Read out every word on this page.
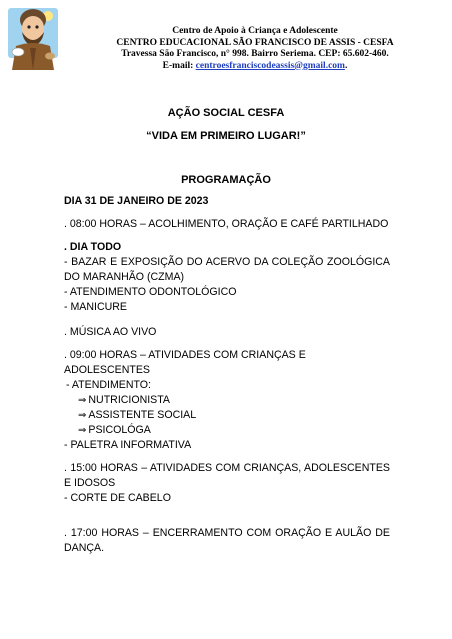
Centro de Apoio à Criança e Adolescente
CENTRO EDUCACIONAL SÃO FRANCISCO DE ASSIS - CESFA
Travessa São Francisco, n° 998. Bairro Seriema. CEP: 65.602-460.
E-mail: centroesfranciscodeassis@gmail.com.
AÇÃO SOCIAL CESFA
“VIDA EM PRIMEIRO LUGAR!”
PROGRAMAÇÃO
DIA 31 DE JANEIRO DE 2023
. 08:00 HORAS – ACOLHIMENTO, ORAÇÃO E CAFÉ PARTILHADO
. DIA TODO
- BAZAR E EXPOSIÇÃO DO ACERVO DA COLEÇÃO ZOOLÓGICA DO MARANHÃO (CZMA)
- ATENDIMENTO ODONTOLÓGICO
- MANICURE
. MÚSICA AO VIVO
. 09:00 HORAS – ATIVIDADES COM CRIANÇAS E ADOLESCENTES
- ATENDIMENTO:
⇒ NUTRICIONISTA
⇒ ASSISTENTE SOCIAL
⇒ PSICOLÓGA
- PALETRA INFORMATIVA
. 15:00 HORAS – ATIVIDADES COM CRIANÇAS, ADOLESCENTES E IDOSOS
- CORTE DE CABELO
. 17:00 HORAS – ENCERRAMENTO COM ORAÇÃO E AULÃO DE DANÇA.
